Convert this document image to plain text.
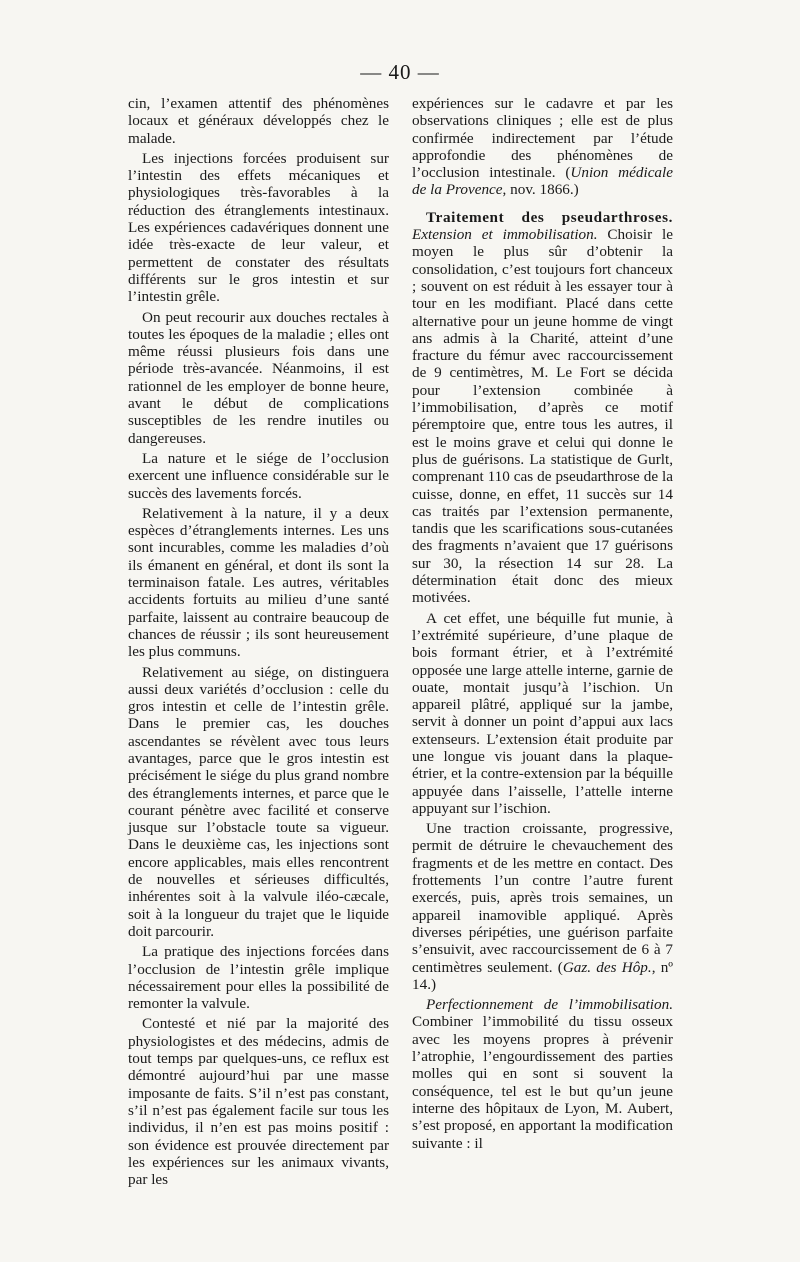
— 40 —

cin, l’examen attentif des phénomènes locaux et généraux développés chez le malade.

Les injections forcées produisent sur l’intestin des effets mécaniques et physiologiques très-favorables à la réduction des étranglements intestinaux. Les expériences cadavériques donnent une idée très-exacte de leur valeur, et permettent de constater des résultats différents sur le gros intestin et sur l’intestin grêle.

On peut recourir aux douches rectales à toutes les époques de la maladie ; elles ont même réussi plusieurs fois dans une période très-avancée. Néanmoins, il est rationnel de les employer de bonne heure, avant le début de complications susceptibles de les rendre inutiles ou dangereuses.

La nature et le siége de l’occlusion exercent une influence considérable sur le succès des lavements forcés.

Relativement à la nature, il y a deux espèces d’étranglements internes. Les uns sont incurables, comme les maladies d’où ils émanent en général, et dont ils sont la terminaison fatale. Les autres, véritables accidents fortuits au milieu d’une santé parfaite, laissent au contraire beaucoup de chances de réussir ; ils sont heureusement les plus communs.

Relativement au siége, on distinguera aussi deux variétés d’occlusion : celle du gros intestin et celle de l’intestin grêle. Dans le premier cas, les douches ascendantes se révèlent avec tous leurs avantages, parce que le gros intestin est précisément le siége du plus grand nombre des étranglements internes, et parce que le courant pénètre avec facilité et conserve jusque sur l’obstacle toute sa vigueur. Dans le deuxième cas, les injections sont encore applicables, mais elles rencontrent de nouvelles et sérieuses difficultés, inhérentes soit à la valvule iléo-cæcale, soit à la longueur du trajet que le liquide doit parcourir.

La pratique des injections forcées dans l’occlusion de l’intestin grêle implique nécessairement pour elles la possibilité de remonter la valvule.

Contesté et nié par la majorité des physiologistes et des médecins, admis de tout temps par quelques-uns, ce reflux est démontré aujourd’hui par une masse imposante de faits. S’il n’est pas constant, s’il n’est pas également facile sur tous les individus, il n’en est pas moins positif : son évidence est prouvée directement par les expériences sur les animaux vivants, par les

expériences sur le cadavre et par les observations cliniques ; elle est de plus confirmée indirectement par l’étude approfondie des phénomènes de l’occlusion intestinale. (Union médicale de la Provence, nov. 1866.)

Traitement des pseudarthroses. Extension et immobilisation. Choisir le moyen le plus sûr d’obtenir la consolidation, c’est toujours fort chanceux ; souvent on est réduit à les essayer tour à tour en les modifiant. Placé dans cette alternative pour un jeune homme de vingt ans admis à la Charité, atteint d’une fracture du fémur avec raccourcissement de 9 centimètres, M. Le Fort se décida pour l’extension combinée à l’immobilisation, d’après ce motif péremptoire que, entre tous les autres, il est le moins grave et celui qui donne le plus de guérisons. La statistique de Gurlt, comprenant 110 cas de pseudarthrose de la cuisse, donne, en effet, 11 succès sur 14 cas traités par l’extension permanente, tandis que les scarifications sous-cutanées des fragments n’avaient que 17 guérisons sur 30, la résection 14 sur 28. La détermination était donc des mieux motivées.

A cet effet, une béquille fut munie, à l’extrémité supérieure, d’une plaque de bois formant étrier, et à l’extrémité opposée une large attelle interne, garnie de ouate, montait jusqu’à l’ischion. Un appareil plâtré, appliqué sur la jambe, servit à donner un point d’appui aux lacs extenseurs. L’extension était produite par une longue vis jouant dans la plaque-étrier, et la contre-extension par la béquille appuyée dans l’aisselle, l’attelle interne appuyant sur l’ischion.

Une traction croissante, progressive, permit de détruire le chevauchement des fragments et de les mettre en contact. Des frottements l’un contre l’autre furent exercés, puis, après trois semaines, un appareil inamovible appliqué. Après diverses péripéties, une guérison parfaite s’ensuivit, avec raccourcissement de 6 à 7 centimètres seulement. (Gaz. des Hôp., nº 14.)

Perfectionnement de l’immobilisation. Combiner l’immobilité du tissu osseux avec les moyens propres à prévenir l’atrophie, l’engourdissement des parties molles qui en sont si souvent la conséquence, tel est le but qu’un jeune interne des hôpitaux de Lyon, M. Aubert, s’est proposé, en apportant la modification suivante : il
